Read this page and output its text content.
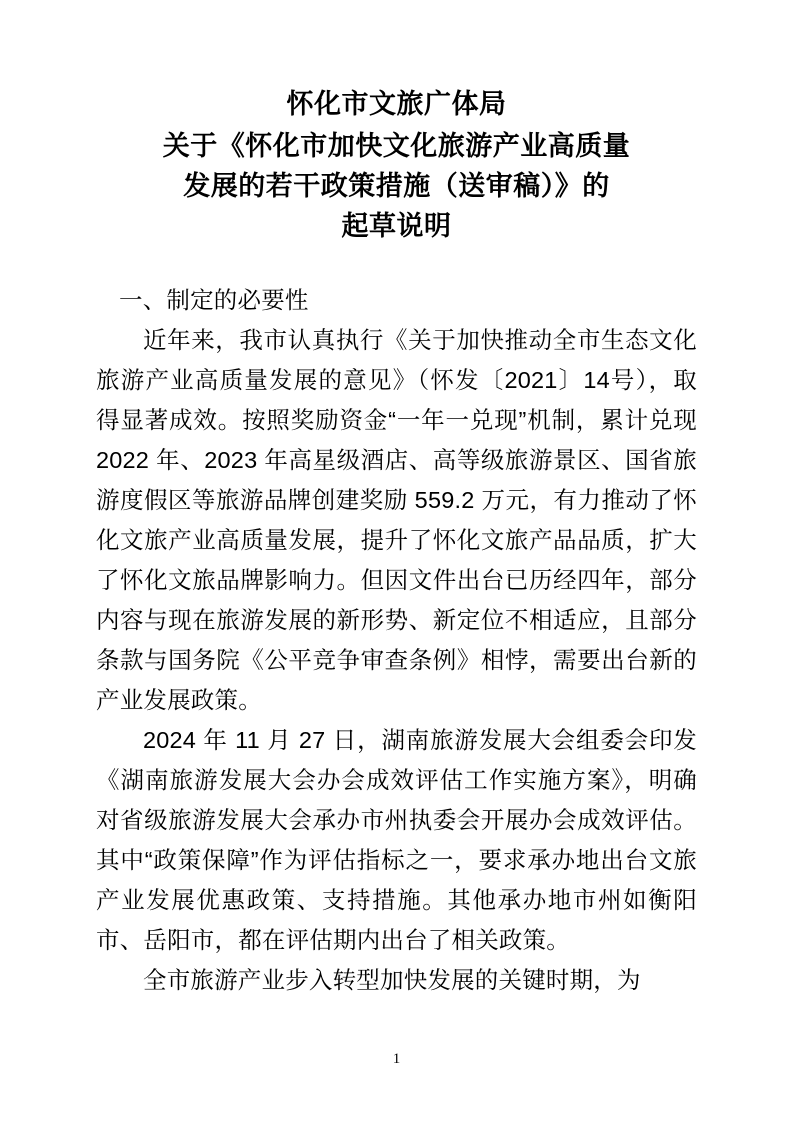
怀化市文旅广体局
关于《怀化市加快文化旅游产业高质量
发展的若干政策措施（送审稿）》的
起草说明

一、制定的必要性

近年来，我市认真执行《关于加快推动全市生态文化旅游产业高质量发展的意见》（怀发〔2021〕14号），取得显著成效。按照奖励资金“一年一兑现”机制，累计兑现 2022 年、2023 年高星级酒店、高等级旅游景区、国省旅游度假区等旅游品牌创建奖励 559.2 万元，有力推动了怀化文旅产业高质量发展，提升了怀化文旅产品品质，扩大了怀化文旅品牌影响力。但因文件出台已历经四年，部分内容与现在旅游发展的新形势、新定位不相适应，且部分条款与国务院《公平竞争审查条例》相悖，需要出台新的产业发展政策。

2024 年 11 月 27 日，湖南旅游发展大会组委会印发《湖南旅游发展大会办会成效评估工作实施方案》，明确对省级旅游发展大会承办市州执委会开展办会成效评估。其中“政策保障”作为评估指标之一，要求承办地出台文旅产业发展优惠政策、支持措施。其他承办地市州如衡阳市、岳阳市，都在评估期内出台了相关政策。

全市旅游产业步入转型加快发展的关键时期，为

1
